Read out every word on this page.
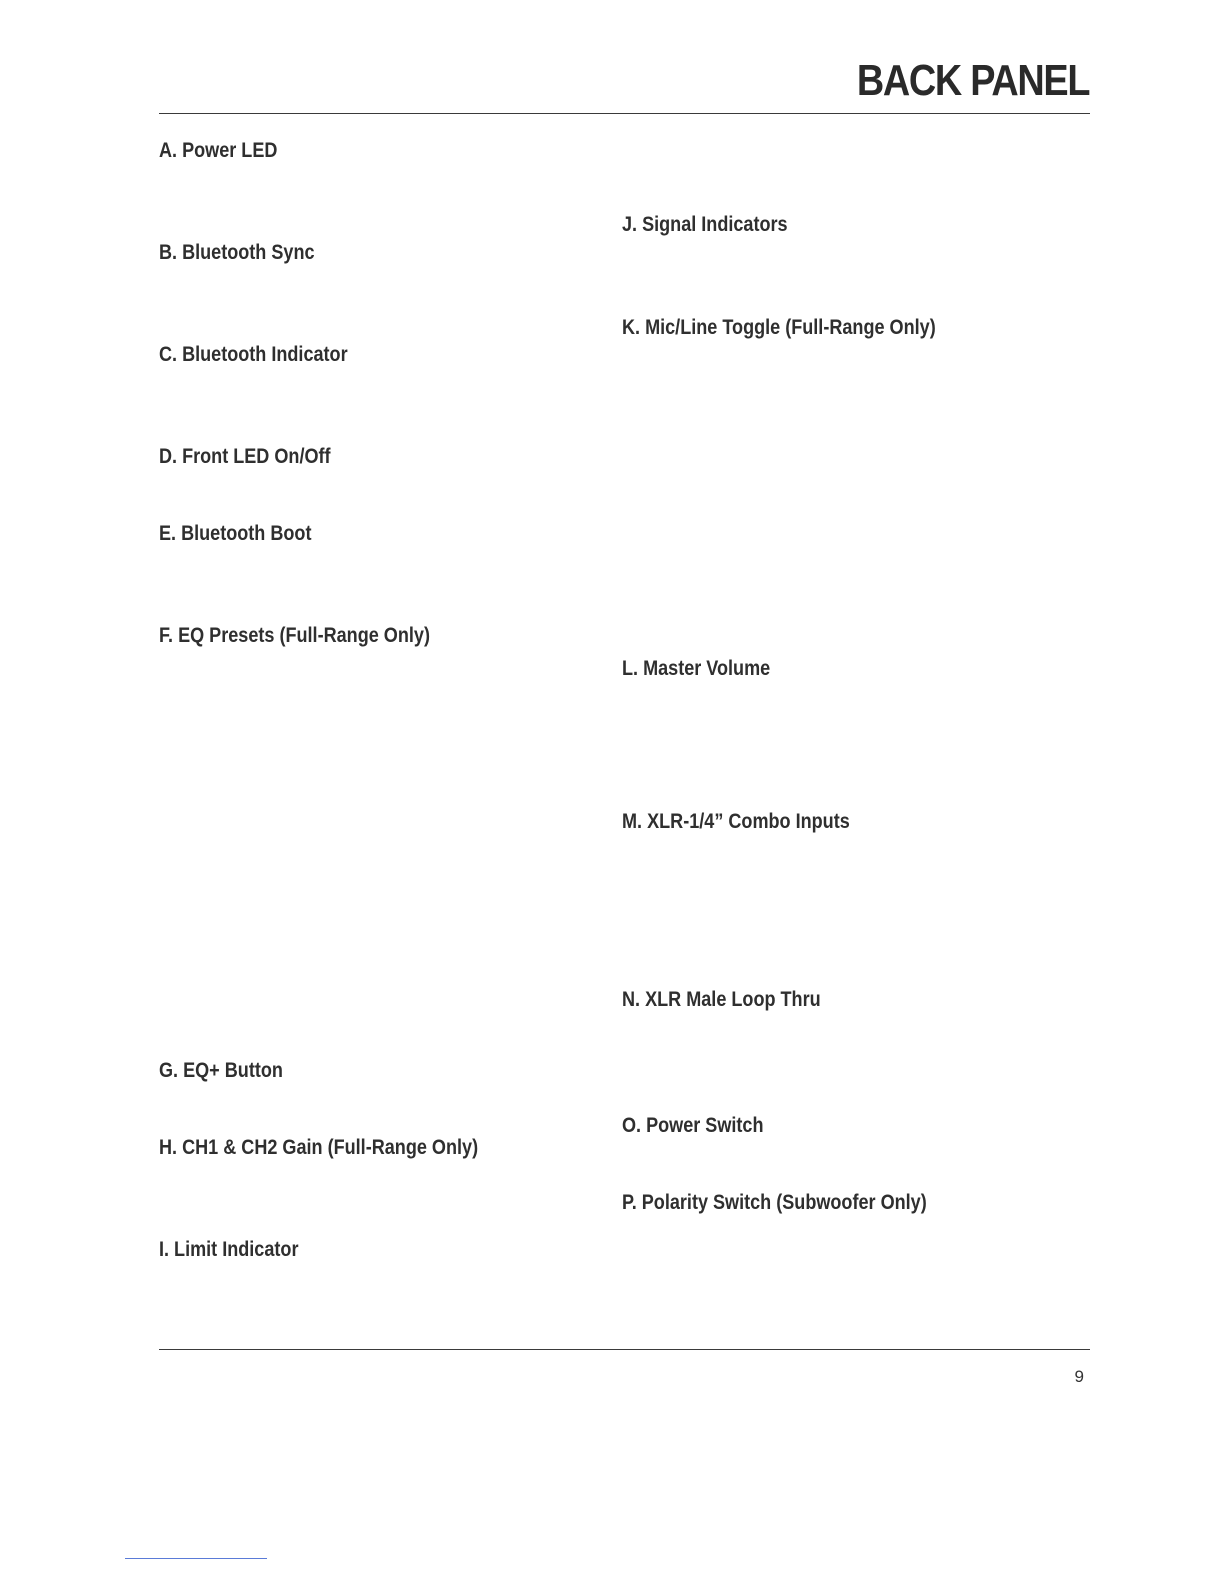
BACK PANEL
A. Power LED
B. Bluetooth Sync
C. Bluetooth Indicator
D. Front LED On/Off
E. Bluetooth Boot
F. EQ Presets (Full-Range Only)
G. EQ+ Button
H. CH1 & CH2 Gain (Full-Range Only)
I. Limit Indicator
J. Signal Indicators
K. Mic/Line Toggle (Full-Range Only)
L. Master Volume
M. XLR-1/4” Combo Inputs
N. XLR Male Loop Thru
O. Power Switch
P. Polarity Switch (Subwoofer Only)
9
